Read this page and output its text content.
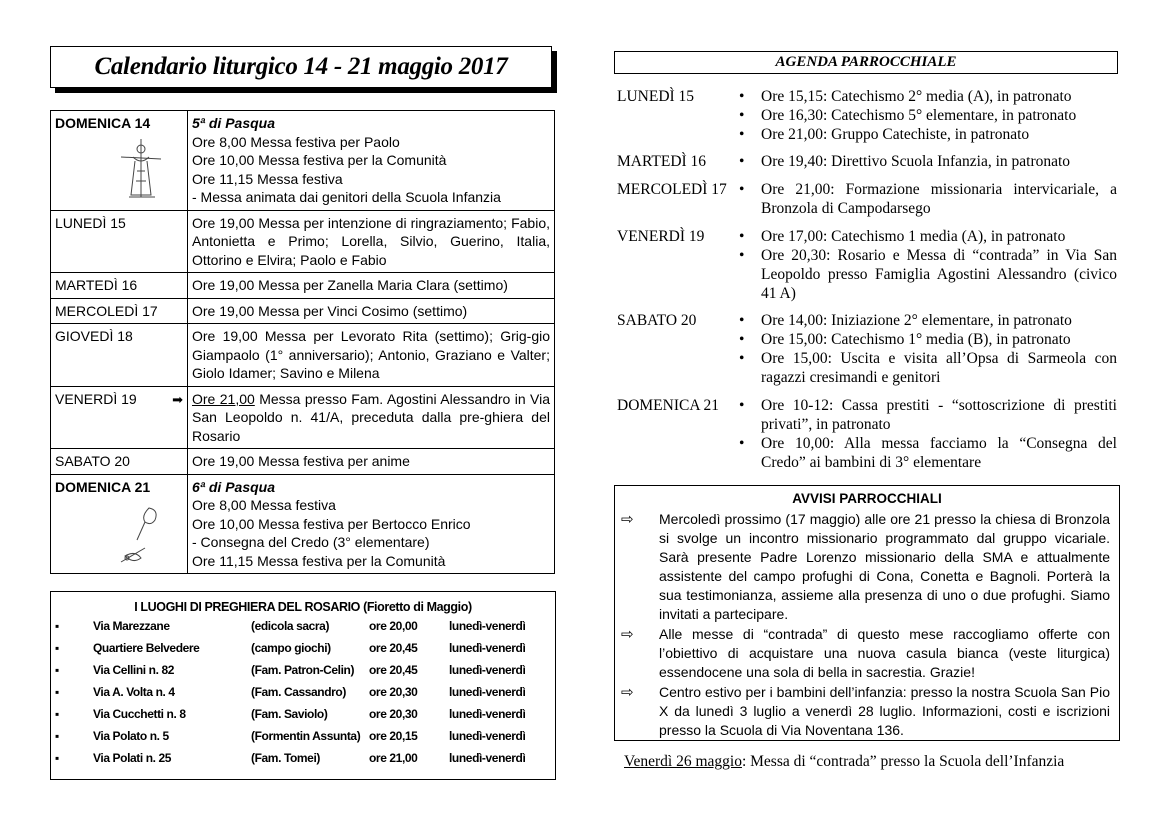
Calendario liturgico 14 - 21 maggio 2017
DOMENICA 14	5ª di Pasqua
Ore 8,00 Messa festiva per Paolo
Ore 10,00 Messa festiva per la Comunità
Ore 11,15 Messa festiva
- Messa animata dai genitori della Scuola Infanzia

LUNEDÌ 15	Ore 19,00 Messa per intenzione di ringraziamento; Fabio, Antonietta e Primo; Lorella, Silvio, Guerino, Italia, Ottorino e Elvira; Paolo e Fabio
MARTEDÌ 16	Ore 19,00 Messa per Zanella Maria Clara (settimo)
MERCOLEDÌ 17	Ore 19,00 Messa per Vinci Cosimo (settimo)
GIOVEDÌ 18	Ore 19,00 Messa per Levorato Rita (settimo); Grig-gio Giampaolo (1° anniversario); Antonio, Graziano e Valter; Giolo Idamer; Savino e Milena
VENERDÌ 19 ➡	Ore 21,00 Messa presso Fam. Agostini Alessandro in Via San Leopoldo n. 41/A, preceduta dalla pre-ghiera del Rosario
SABATO 20	Ore 19,00 Messa festiva per anime
DOMENICA 21	6ª di Pasqua
Ore 8,00 Messa festiva
Ore 10,00 Messa festiva per Bertocco Enrico
- Consegna del Credo (3° elementare)
Ore 11,15 Messa festiva per la Comunità
I LUOGHI DI PREGHIERA DEL ROSARIO (Fioretto di Maggio)
▪	Via Marezzane	(edicola sacra)	ore 20,00	lunedì-venerdì
▪	Quartiere Belvedere	(campo giochi)	ore 20,45	lunedì-venerdì
▪	Via Cellini n. 82	(Fam. Patron-Celin) ore 20,45	lunedì-venerdì
▪	Via A. Volta n. 4	(Fam. Cassandro) ore 20,30	lunedì-venerdì
▪	Via Cucchetti n. 8	(Fam. Saviolo)	ore 20,30	lunedì-venerdì
▪	Via Polato n. 5	(Formentin Assunta) ore 20,15	lunedì-venerdì
▪	Via Polati n. 25	(Fam. Tomei)	ore 21,00	lunedì-venerdì
AGENDA PARROCCHIALE
LUNEDÌ 15	• Ore 15,15: Catechismo 2° media (A), in patronato
• Ore 16,30: Catechismo 5° elementare, in patronato
• Ore 21,00: Gruppo Catechiste, in patronato
MARTEDÌ 16	• Ore 19,40: Direttivo Scuola Infanzia, in patronato
MERCOLEDÌ 17 • Ore 21,00: Formazione missionaria intervicariale, a Bronzola di Campodarsego
VENERDÌ 19	• Ore 17,00: Catechismo 1 media (A), in patronato
• Ore 20,30: Rosario e Messa di “contrada” in Via San Leopoldo presso Famiglia Agostini Alessandro (civico 41 A)
SABATO 20	• Ore 14,00: Iniziazione 2° elementare, in patronato
• Ore 15,00: Catechismo 1° media (B), in patronato
• Ore 15,00: Uscita e visita all’Opsa di Sarmeola con ragazzi cresimandi e genitori
DOMENICA 21	• Ore 10-12: Cassa prestiti - “sottoscrizione di prestiti privati”, in patronato
• Ore 10,00: Alla messa facciamo la “Consegna del Credo” ai bambini di 3° elementare
AVVISI PARROCCHIALI
⇨ Mercoledì prossimo (17 maggio) alle ore 21 presso la chiesa di Bronzola si svolge un incontro missionario programmato dal gruppo vicariale. Sarà presente Padre Lorenzo missionario della SMA e attualmente assistente del campo profughi di Cona, Conetta e Bagnoli. Porterà la sua testimonianza, assieme alla presenza di uno o due profughi. Siamo invitati a partecipare.
⇨ Alle messe di “contrada” di questo mese raccogliamo offerte con l’obiettivo di acquistare una nuova casula bianca (veste liturgica) essendocene una sola di bella in sacrestia. Grazie!
⇨ Centro estivo per i bambini dell’infanzia: presso la nostra Scuola San Pio X da lunedì 3 luglio a venerdì 28 luglio. Informazioni, costi e iscrizioni presso la Scuola di Via Noventana 136.
Venerdì 26 maggio: Messa di “contrada” presso la Scuola dell’Infanzia
